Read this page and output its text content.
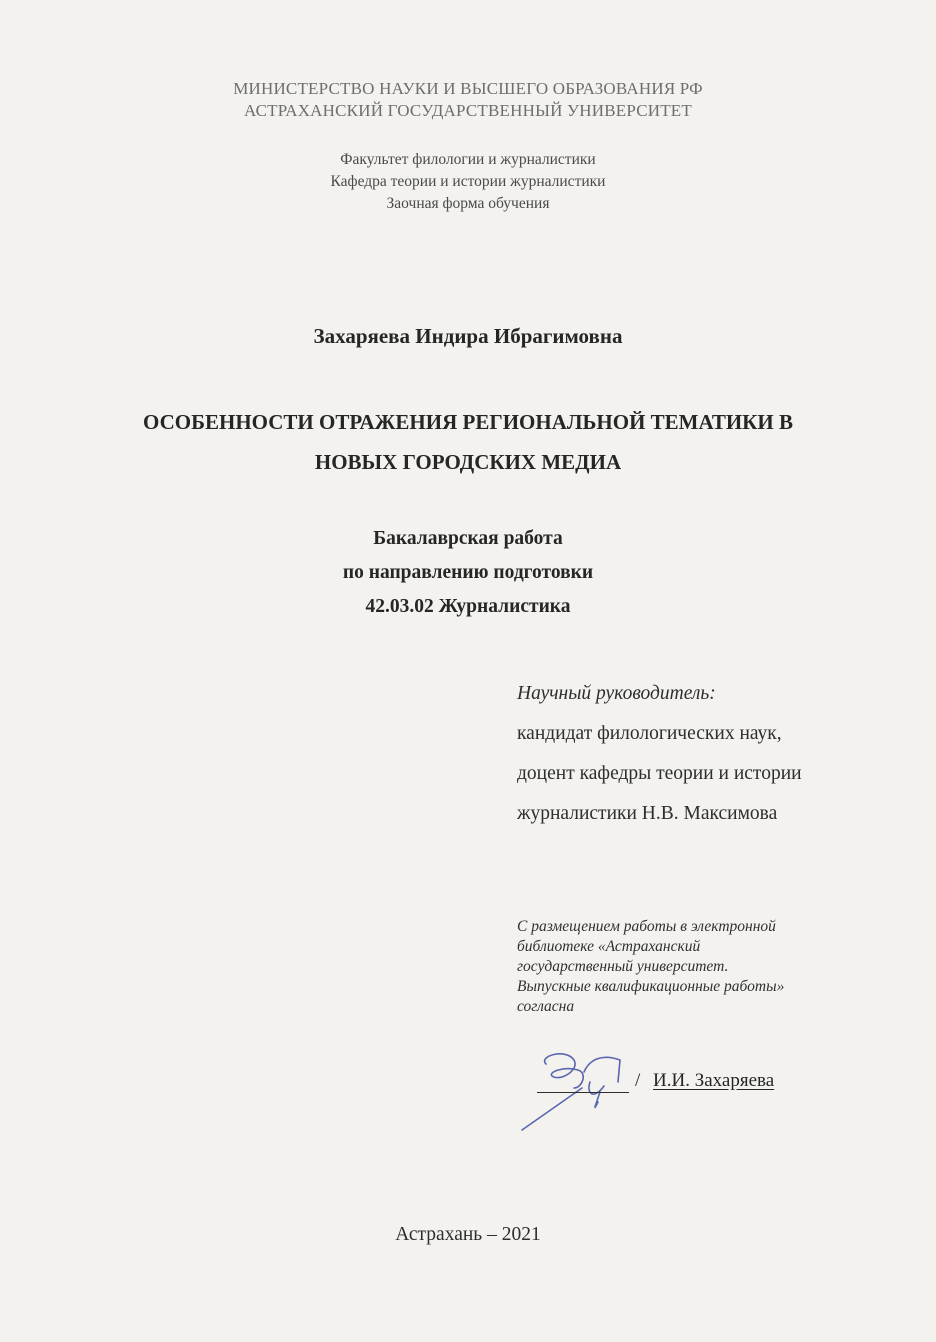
МИНИСТЕРСТВО НАУКИ И ВЫСШЕГО ОБРАЗОВАНИЯ РФ
АСТРАХАНСКИЙ ГОСУДАРСТВЕННЫЙ УНИВЕРСИТЕТ
Факультет филологии и журналистики
Кафедра теории и истории журналистики
Заочная форма обучения
Захаряева Индира Ибрагимовна
ОСОБЕННОСТИ ОТРАЖЕНИЯ РЕГИОНАЛЬНОЙ ТЕМАТИКИ В
НОВЫХ ГОРОДСКИХ МЕДИА
Бакалаврская работа
по направлению подготовки
42.03.02 Журналистика
Научный руководитель:
кандидат филологических наук,
доцент кафедры теории и истории
журналистики Н.В. Максимова
С размещением работы в электронной
библиотеке «Астраханский
государственный университет.
Выпускные квалификационные работы»
согласна
/ И.И. Захаряева
Астрахань – 2021
